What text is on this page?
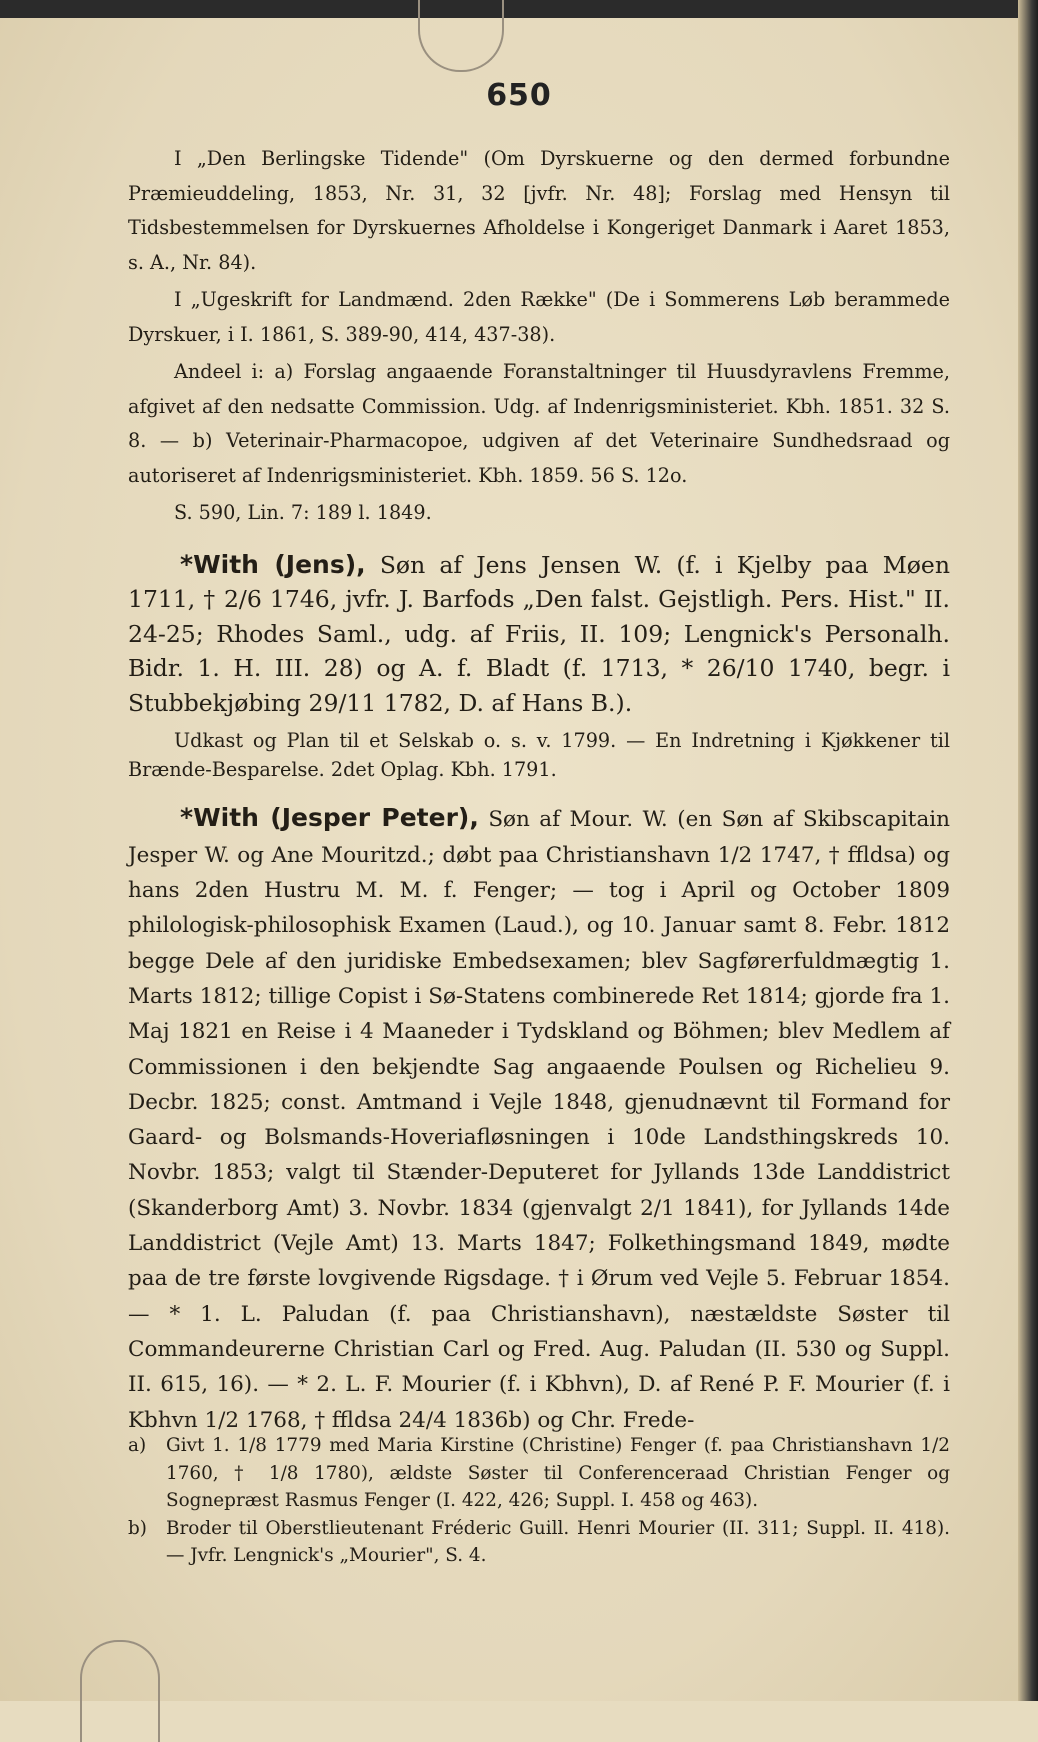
650

I „Den Berlingske Tidende" (Om Dyrskuerne og den dermed forbundne Præmieuddeling, 1853, Nr. 31, 32 [jvfr. Nr. 48]; Forslag med Hensyn til Tidsbestemmelsen for Dyrskuernes Afholdelse i Kongeriget Danmark i Aaret 1853, s. A., Nr. 84).

I „Ugeskrift for Landmænd. 2den Række" (De i Sommerens Løb berammede Dyrskuer, i I. 1861, S. 389-90, 414, 437-38).

Andeel i: a) Forslag angaaende Foranstaltninger til Huusdyravlens Fremme, afgivet af den nedsatte Commission. Udg. af Indenrigsministeriet. Kbh. 1851. 32 S. 8. — b) Veterinair-Pharmacopoe, udgiven af det Veterinaire Sundhedsraad og autoriseret af Indenrigsministeriet. Kbh. 1859. 56 S. 12o.

S. 590, Lin. 7: 189 l. 1849.

*With (Jens), Søn af Jens Jensen W. (f. i Kjelby paa Møen 1711, † 2/6 1746, jvfr. J. Barfods „Den falst. Gejstligh. Pers. Hist." II. 24-25; Rhodes Saml., udg. af Friis, II. 109; Lengnick's Personalh. Bidr. 1. H. III. 28) og A. f. Bladt (f. 1713, * 26/10 1740, begr. i Stubbekjøbing 29/11 1782, D. af Hans B.).

Udkast og Plan til et Selskab o. s. v. 1799. — En Indretning i Kjøkkener til Brænde-Besparelse. 2det Oplag. Kbh. 1791.

*With (Jesper Peter), Søn af Mour. W. (en Søn af Skibscapitain Jesper W. og Ane Mouritzd.; døbt paa Christianshavn 1/2 1747, † ffldsa) og hans 2den Hustru M. M. f. Fenger; — tog i April og October 1809 philologisk-philosophisk Examen (Laud.), og 10. Januar samt 8. Febr. 1812 begge Dele af den juridiske Embedsexamen; blev Sagførerfuldmægtig 1. Marts 1812; tillige Copist i Sø-Statens combinerede Ret 1814; gjorde fra 1. Maj 1821 en Reise i 4 Maaneder i Tydskland og Böhmen; blev Medlem af Commissionen i den bekjendte Sag angaaende Poulsen og Richelieu 9. Decbr. 1825; const. Amtmand i Vejle 1848, gjenudnævnt til Formand for Gaard- og Bolsmands-Hoveriafløsningen i 10de Landsthingskreds 10. Novbr. 1853; valgt til Stænder-Deputeret for Jyllands 13de Landdistrict (Skanderborg Amt) 3. Novbr. 1834 (gjenvalgt 2/1 1841), for Jyllands 14de Landdistrict (Vejle Amt) 13. Marts 1847; Folkethingsmand 1849, mødte paa de tre første lovgivende Rigsdage. † i Ørum ved Vejle 5. Februar 1854. — * 1. L. Paludan (f. paa Christianshavn), næstældste Søster til Commandeurerne Christian Carl og Fred. Aug. Paludan (II. 530 og Suppl. II. 615, 16). — * 2. L. F. Mourier (f. i Kbhvn), D. af René P. F. Mourier (f. i Kbhvn 1/2 1768, † ffldsa 24/4 1836b) og Chr. Frede-

a) Givt 1. 1/8 1779 med Maria Kirstine (Christine) Fenger (f. paa Christianshavn 1/2 1760, † 1/8 1780), ældste Søster til Conferenceraad Christian Fenger og Sognepræst Rasmus Fenger (I. 422, 426; Suppl. I. 458 og 463).

b) Broder til Oberstlieutenant Fréderic Guill. Henri Mourier (II. 311; Suppl. II. 418). — Jvfr. Lengnick's „Mourier", S. 4.
